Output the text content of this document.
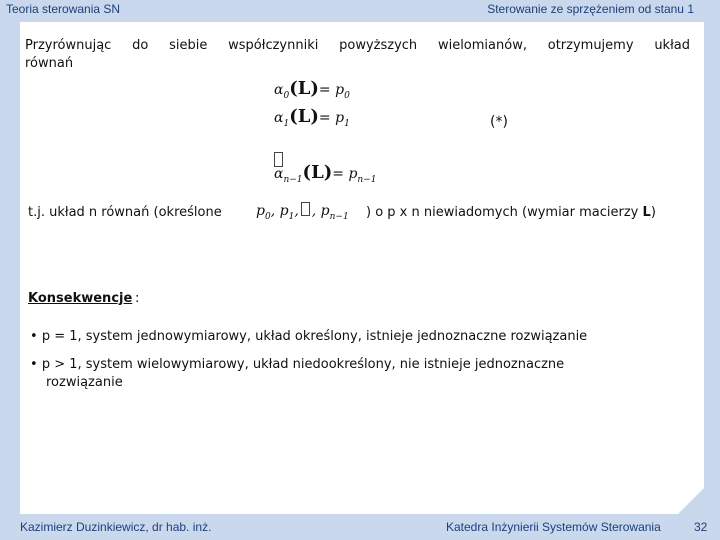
Teoria sterowania SN	Sterowanie ze sprzężeniem od stanu 1
Przyrównując do siebie współczynniki powyższych wielomianów, otrzymujemy układ
równań
$\alpha_0(L)= p_0$
$\alpha_1(L)= p_1$
$\alpha_{n-1}(L)= p_{n-1}$
(*)
t.j. układ n równań (określone $p_0$, $p_1$, , $p_{n-1}$ ) o p x n niewiadomych (wymiar macierzy L)
Konsekwencje :
• p = 1, system jednowymiarowy, układ określony, istnieje jednoznaczne rozwiązanie
• p > 1, system wielowymiarowy, układ niedookreślony, nie istnieje jednoznaczne
rozwiązanie
Kazimierz Duzinkiewicz, dr hab. inż.	Katedra Inżynierii Systemów Sterowania	32
